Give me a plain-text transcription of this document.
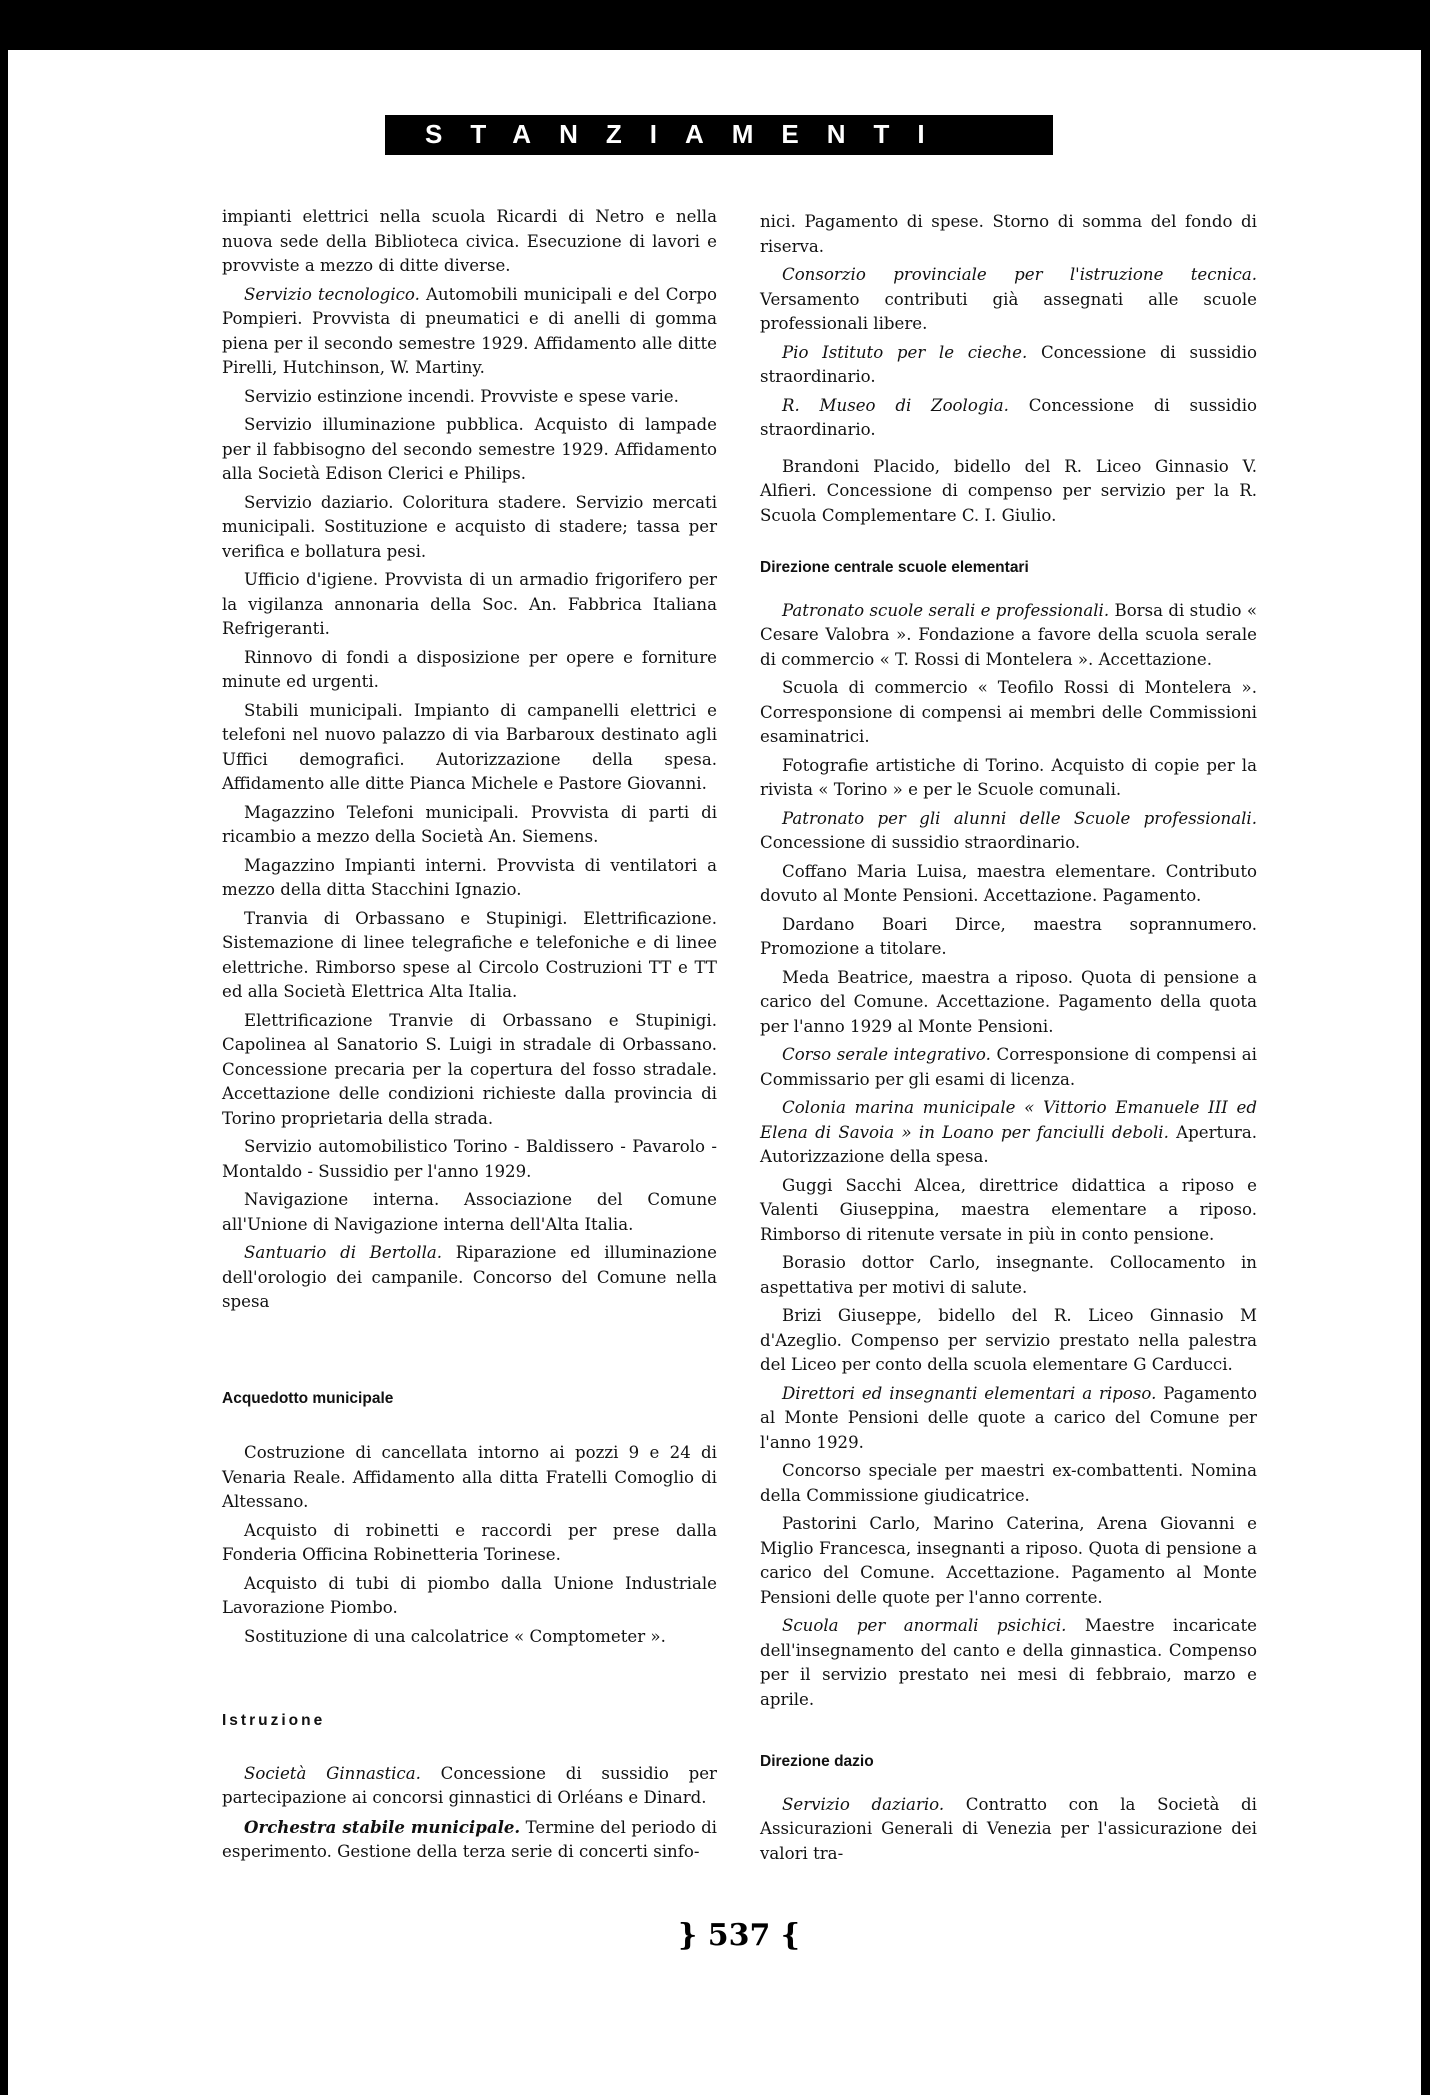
STANZIAMENTI

impianti elettrici nella scuola Ricardi di Netro e nella nuova sede della Biblioteca civica. Esecuzione di lavori e provviste a mezzo di ditte diverse.

Servizio tecnologico. Automobili municipali e del Corpo Pompieri. Provvista di pneumatici e di anelli di gomma piena per il secondo semestre 1929. Affidamento alle ditte Pirelli, Hutchinson, W. Martiny.

Servizio estinzione incendi. Provviste e spese varie.

Servizio illuminazione pubblica. Acquisto di lampade per il fabbisogno del secondo semestre 1929. Affidamento alla Società Edison Clerici e Philips.

Servizio daziario. Coloritura stadere. Servizio mercati municipali. Sostituzione e acquisto di stadere; tassa per verifica e bollatura pesi.

Ufficio d'igiene. Provvista di un armadio frigorifero per la vigilanza annonaria della Soc. An. Fabbrica Italiana Refrigeranti.

Rinnovo di fondi a disposizione per opere e forniture minute ed urgenti.

Stabili municipali. Impianto di campanelli elettrici e telefoni nel nuovo palazzo di via Barbaroux destinato agli Uffici demografici. Autorizzazione della spesa. Affidamento alle ditte Pianca Michele e Pastore Giovanni.

Magazzino Telefoni municipali. Provvista di parti di ricambio a mezzo della Società An. Siemens.

Magazzino Impianti interni. Provvista di ventilatori a mezzo della ditta Stacchini Ignazio.

Tranvia di Orbassano e Stupinigi. Elettrificazione. Sistemazione di linee telegrafiche e telefoniche e di linee elettriche. Rimborso spese al Circolo Costruzioni TT e TT ed alla Società Elettrica Alta Italia.

Elettrificazione Tranvie di Orbassano e Stupinigi. Capolinea al Sanatorio S. Luigi in stradale di Orbassano. Concessione precaria per la copertura del fosso stradale. Accettazione delle condizioni richieste dalla provincia di Torino proprietaria della strada.

Servizio automobilistico Torino - Baldissero - Pavarolo - Montaldo - Sussidio per l'anno 1929.

Navigazione interna. Associazione del Comune all'Unione di Navigazione interna dell'Alta Italia.

Santuario di Bertolla. Riparazione ed illuminazione dell'orologio dei campanile. Concorso del Comune nella spesa

Acquedotto municipale

Costruzione di cancellata intorno ai pozzi 9 e 24 di Venaria Reale. Affidamento alla ditta Fratelli Comoglio di Altessano.

Acquisto di robinetti e raccordi per prese dalla Fonderia Officina Robinetteria Torinese.

Acquisto di tubi di piombo dalla Unione Industriale Lavorazione Piombo.

Sostituzione di una calcolatrice « Comptometer ».

Istruzione

Società Ginnastica. Concessione di sussidio per partecipazione ai concorsi ginnastici di Orléans e Dinard.

Orchestra stabile municipale. Termine del periodo di esperimento. Gestione della terza serie di concerti sinfo-

nici. Pagamento di spese. Storno di somma del fondo di riserva.

Consorzio provinciale per l'istruzione tecnica. Versamento contributi già assegnati alle scuole professionali libere.

Pio Istituto per le cieche. Concessione di sussidio straordinario.

R. Museo di Zoologia. Concessione di sussidio straordinario.

Brandoni Placido, bidello del R. Liceo Ginnasio V. Alfieri. Concessione di compenso per servizio per la R. Scuola Complementare C. I. Giulio.

Direzione centrale scuole elementari

Patronato scuole serali e professionali. Borsa di studio « Cesare Valobra ». Fondazione a favore della scuola serale di commercio « T. Rossi di Montelera ». Accettazione.

Scuola di commercio « Teofilo Rossi di Montelera ». Corresponsione di compensi ai membri delle Commissioni esaminatrici.

Fotografie artistiche di Torino. Acquisto di copie per la rivista « Torino » e per le Scuole comunali.

Patronato per gli alunni delle Scuole professionali. Concessione di sussidio straordinario.

Coffano Maria Luisa, maestra elementare. Contributo dovuto al Monte Pensioni. Accettazione. Pagamento.

Dardano Boari Dirce, maestra soprannumero. Promozione a titolare.

Meda Beatrice, maestra a riposo. Quota di pensione a carico del Comune. Accettazione. Pagamento della quota per l'anno 1929 al Monte Pensioni.

Corso serale integrativo. Corresponsione di compensi ai Commissario per gli esami di licenza.

Colonia marina municipale « Vittorio Emanuele III ed Elena di Savoia » in Loano per fanciulli deboli. Apertura. Autorizzazione della spesa.

Guggi Sacchi Alcea, direttrice didattica a riposo e Valenti Giuseppina, maestra elementare a riposo. Rimborso di ritenute versate in più in conto pensione.

Borasio dottor Carlo, insegnante. Collocamento in aspettativa per motivi di salute.

Brizi Giuseppe, bidello del R. Liceo Ginnasio M d'Azeglio. Compenso per servizio prestato nella palestra del Liceo per conto della scuola elementare G Carducci.

Direttori ed insegnanti elementari a riposo. Pagamento al Monte Pensioni delle quote a carico del Comune per l'anno 1929.

Concorso speciale per maestri ex-combattenti. Nomina della Commissione giudicatrice.

Pastorini Carlo, Marino Caterina, Arena Giovanni e Miglio Francesca, insegnanti a riposo. Quota di pensione a carico del Comune. Accettazione. Pagamento al Monte Pensioni delle quote per l'anno corrente.

Scuola per anormali psichici. Maestre incaricate dell'insegnamento del canto e della ginnastica. Compenso per il servizio prestato nei mesi di febbraio, marzo e aprile.

Direzione dazio

Servizio daziario. Contratto con la Società di Assicurazioni Generali di Venezia per l'assicurazione dei valori tra-

} 537 {
